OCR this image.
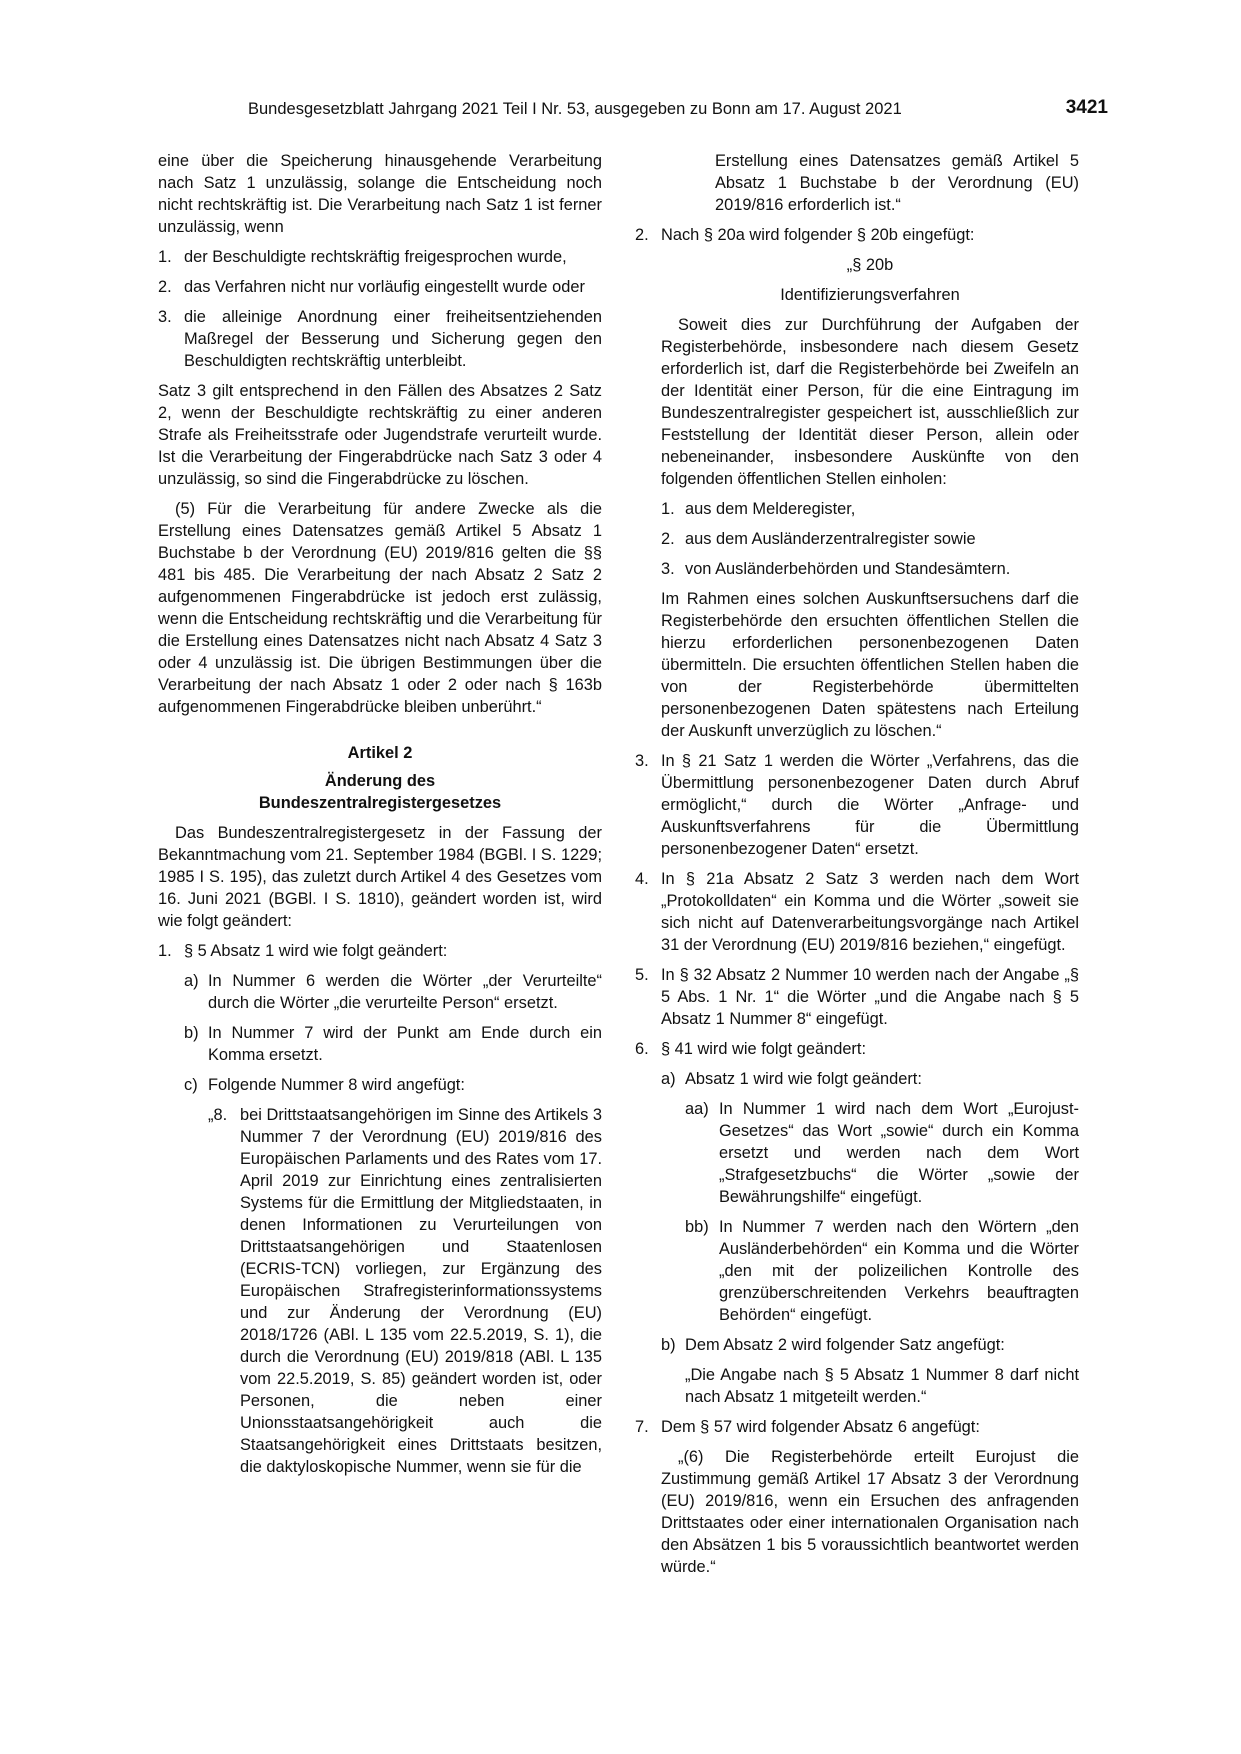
Bundesgesetzblatt Jahrgang 2021 Teil I Nr. 53, ausgegeben zu Bonn am 17. August 2021	3421

eine über die Speicherung hinausgehende Verarbeitung nach Satz 1 unzulässig, solange die Entscheidung noch nicht rechtskräftig ist. Die Verarbeitung nach Satz 1 ist ferner unzulässig, wenn

1. der Beschuldigte rechtskräftig freigesprochen wurde,
2. das Verfahren nicht nur vorläufig eingestellt wurde oder
3. die alleinige Anordnung einer freiheitsentziehenden Maßregel der Besserung und Sicherung gegen den Beschuldigten rechtskräftig unterbleibt.

Satz 3 gilt entsprechend in den Fällen des Absatzes 2 Satz 2, wenn der Beschuldigte rechtskräftig zu einer anderen Strafe als Freiheitsstrafe oder Jugendstrafe verurteilt wurde. Ist die Verarbeitung der Fingerabdrücke nach Satz 3 oder 4 unzulässig, so sind die Fingerabdrücke zu löschen.

(5) Für die Verarbeitung für andere Zwecke als die Erstellung eines Datensatzes gemäß Artikel 5 Absatz 1 Buchstabe b der Verordnung (EU) 2019/816 gelten die §§ 481 bis 485. Die Verarbeitung der nach Absatz 2 Satz 2 aufgenommenen Fingerabdrücke ist jedoch erst zulässig, wenn die Entscheidung rechtskräftig und die Verarbeitung für die Erstellung eines Datensatzes nicht nach Absatz 4 Satz 3 oder 4 unzulässig ist. Die übrigen Bestimmungen über die Verarbeitung der nach Absatz 1 oder 2 oder nach § 163b aufgenommenen Fingerabdrücke bleiben unberührt.“

Artikel 2

Änderung des

Bundeszentralregistergesetzes

Das Bundeszentralregistergesetz in der Fassung der Bekanntmachung vom 21. September 1984 (BGBl. I S. 1229; 1985 I S. 195), das zuletzt durch Artikel 4 des Gesetzes vom 16. Juni 2021 (BGBl. I S. 1810), geändert worden ist, wird wie folgt geändert:

1. § 5 Absatz 1 wird wie folgt geändert:
a) In Nummer 6 werden die Wörter „der Verurteilte“ durch die Wörter „die verurteilte Person“ ersetzt.
b) In Nummer 7 wird der Punkt am Ende durch ein Komma ersetzt.
c) Folgende Nummer 8 wird angefügt:
„8. bei Drittstaatsangehörigen im Sinne des Artikels 3 Nummer 7 der Verordnung (EU) 2019/816 des Europäischen Parlaments und des Rates vom 17. April 2019 zur Einrichtung eines zentralisierten Systems für die Ermittlung der Mitgliedstaaten, in denen Informationen zu Verurteilungen von Drittstaatsangehörigen und Staatenlosen (ECRIS-TCN) vorliegen, zur Ergänzung des Europäischen Strafregisterinformationssystems und zur Änderung der Verordnung (EU) 2018/1726 (ABl. L 135 vom 22.5.2019, S. 1), die durch die Verordnung (EU) 2019/818 (ABl. L 135 vom 22.5.2019, S. 85) geändert worden ist, oder Personen, die neben einer Unionsstaatsangehörigkeit auch die Staatsangehörigkeit eines Drittstaats besitzen, die daktyloskopische Nummer, wenn sie für die

Erstellung eines Datensatzes gemäß Artikel 5 Absatz 1 Buchstabe b der Verordnung (EU) 2019/816 erforderlich ist.“

2. Nach § 20a wird folgender § 20b eingefügt:

„§ 20b

Identifizierungsverfahren

Soweit dies zur Durchführung der Aufgaben der Registerbehörde, insbesondere nach diesem Gesetz erforderlich ist, darf die Registerbehörde bei Zweifeln an der Identität einer Person, für die eine Eintragung im Bundeszentralregister gespeichert ist, ausschließlich zur Feststellung der Identität dieser Person, allein oder nebeneinander, insbesondere Auskünfte von den folgenden öffentlichen Stellen einholen:

1. aus dem Melderegister,
2. aus dem Ausländerzentralregister sowie
3. von Ausländerbehörden und Standesämtern.

Im Rahmen eines solchen Auskunftsersuchens darf die Registerbehörde den ersuchten öffentlichen Stellen die hierzu erforderlichen personenbezogenen Daten übermitteln. Die ersuchten öffentlichen Stellen haben die von der Registerbehörde übermittelten personenbezogenen Daten spätestens nach Erteilung der Auskunft unverzüglich zu löschen.“

3. In § 21 Satz 1 werden die Wörter „Verfahrens, das die Übermittlung personenbezogener Daten durch Abruf ermöglicht,“ durch die Wörter „Anfrage- und Auskunftsverfahrens für die Übermittlung personenbezogener Daten“ ersetzt.
4. In § 21a Absatz 2 Satz 3 werden nach dem Wort „Protokolldaten“ ein Komma und die Wörter „soweit sie sich nicht auf Datenverarbeitungsvorgänge nach Artikel 31 der Verordnung (EU) 2019/816 beziehen,“ eingefügt.
5. In § 32 Absatz 2 Nummer 10 werden nach der Angabe „§ 5 Abs. 1 Nr. 1“ die Wörter „und die Angabe nach § 5 Absatz 1 Nummer 8“ eingefügt.
6. § 41 wird wie folgt geändert:
a) Absatz 1 wird wie folgt geändert:
aa) In Nummer 1 wird nach dem Wort „Eurojust-Gesetzes“ das Wort „sowie“ durch ein Komma ersetzt und werden nach dem Wort „Strafgesetzbuchs“ die Wörter „sowie der Bewährungshilfe“ eingefügt.
bb) In Nummer 7 werden nach den Wörtern „den Ausländerbehörden“ ein Komma und die Wörter „den mit der polizeilichen Kontrolle des grenzüberschreitenden Verkehrs beauftragten Behörden“ eingefügt.
b) Dem Absatz 2 wird folgender Satz angefügt:

„Die Angabe nach § 5 Absatz 1 Nummer 8 darf nicht nach Absatz 1 mitgeteilt werden.“

7. Dem § 57 wird folgender Absatz 6 angefügt:

„(6) Die Registerbehörde erteilt Eurojust die Zustimmung gemäß Artikel 17 Absatz 3 der Verordnung (EU) 2019/816, wenn ein Ersuchen des anfragenden Drittstaates oder einer internationalen Organisation nach den Absätzen 1 bis 5 voraussichtlich beantwortet werden würde.“
